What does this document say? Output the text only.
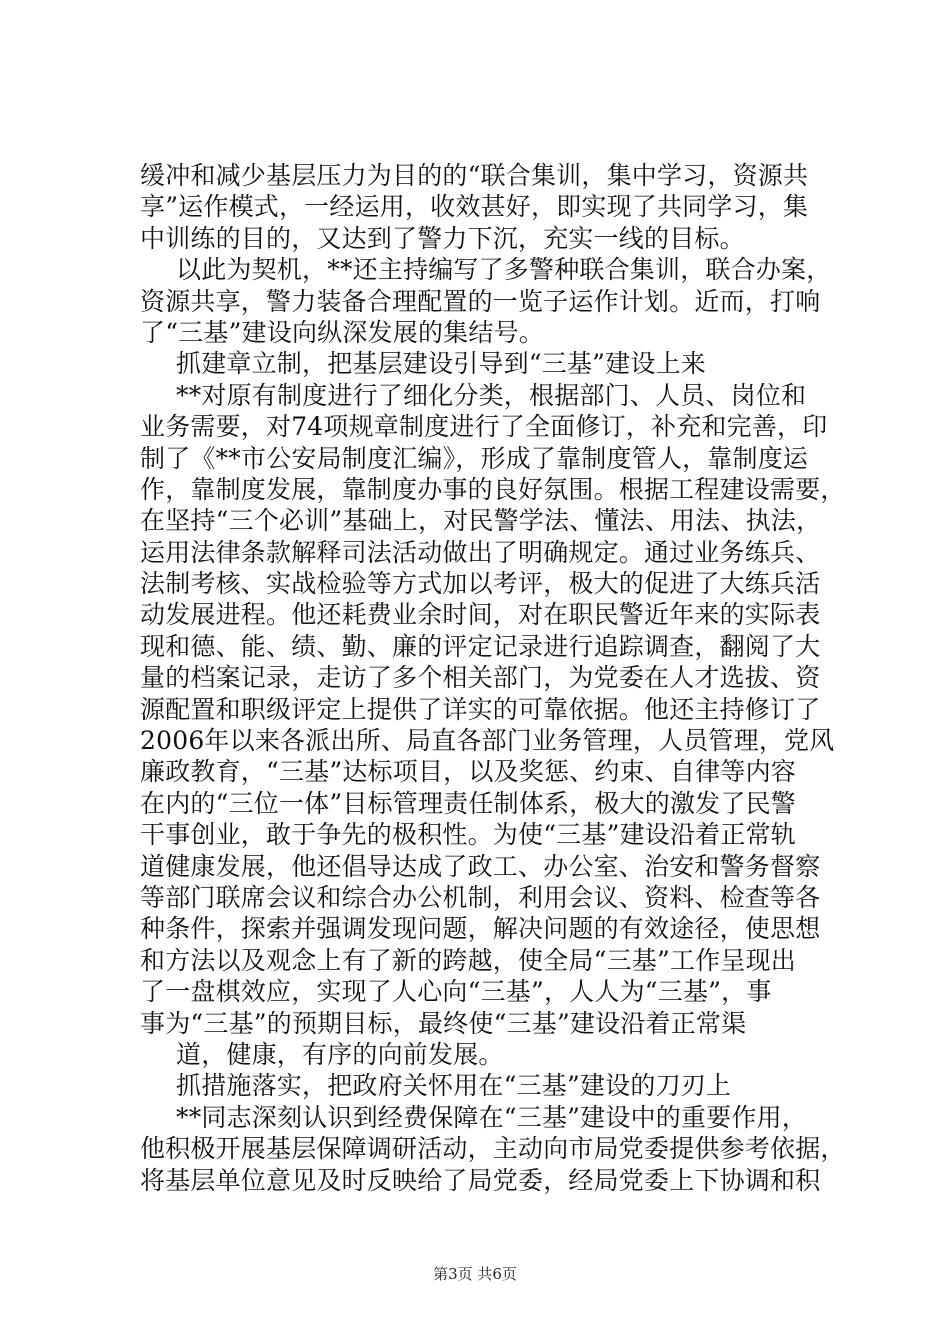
缓冲和减少基层压力为目的的“联合集训，集中学习，资源共
享”运作模式，一经运用，收效甚好，即实现了共同学习，集
中训练的目的，又达到了警力下沉，充实一线的目标。
以此为契机，**还主持编写了多警种联合集训，联合办案，
资源共享，警力装备合理配置的一览子运作计划。近而，打响
了“三基”建设向纵深发展的集结号。
抓建章立制，把基层建设引导到“三基”建设上来
**对原有制度进行了细化分类，根据部门、人员、岗位和
业务需要，对74项规章制度进行了全面修订，补充和完善，印
制了《**市公安局制度汇编》，形成了靠制度管人，靠制度运
作，靠制度发展，靠制度办事的良好氛围。根据工程建设需要，
在坚持“三个必训”基础上，对民警学法、懂法、用法、执法，
运用法律条款解释司法活动做出了明确规定。通过业务练兵、
法制考核、实战检验等方式加以考评，极大的促进了大练兵活
动发展进程。他还耗费业余时间，对在职民警近年来的实际表
现和德、能、绩、勤、廉的评定记录进行追踪调查，翻阅了大
量的档案记录，走访了多个相关部门，为党委在人才选拔、资
源配置和职级评定上提供了详实的可靠依据。他还主持修订了
2006年以来各派出所、局直各部门业务管理，人员管理，党风
廉政教育，“三基”达标项目，以及奖惩、约束、自律等内容
在内的“三位一体”目标管理责任制体系，极大的激发了民警
干事创业，敢于争先的极积性。为使“三基”建设沿着正常轨
道健康发展，他还倡导达成了政工、办公室、治安和警务督察
等部门联席会议和综合办公机制，利用会议、资料、检查等各
种条件，探索并强调发现问题，解决问题的有效途径，使思想
和方法以及观念上有了新的跨越，使全局“三基”工作呈现出
了一盘棋效应，实现了人心向“三基”，人人为“三基”，事
事为“三基”的预期目标，最终使“三基”建设沿着正常渠
道，健康，有序的向前发展。
抓措施落实，把政府关怀用在“三基”建设的刀刃上
**同志深刻认识到经费保障在“三基”建设中的重要作用，
他积极开展基层保障调研活动，主动向市局党委提供参考依据，
将基层单位意见及时反映给了局党委，经局党委上下协调和积
第3页 共6页
